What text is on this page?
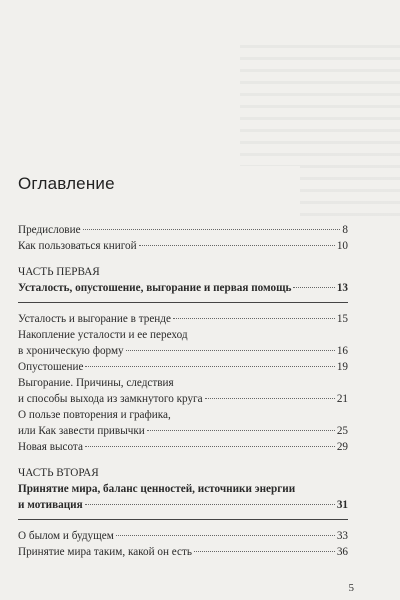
Оглавление
Предисловие	8
Как пользоваться книгой	10
ЧАСТЬ ПЕРВАЯ
Усталость, опустошение, выгорание и первая помощь	13
Усталость и выгорание в тренде	15
Накопление усталости и ее переход
в хроническую форму	16
Опустошение	19
Выгорание. Причины, следствия
и способы выхода из замкнутого круга	21
О пользе повторения и графика,
или Как завести привычки	25
Новая высота	29
ЧАСТЬ ВТОРАЯ
Принятие мира, баланс ценностей, источники энергии
и мотивация	31
О былом и будущем	33
Принятие мира таким, какой он есть	36
5
